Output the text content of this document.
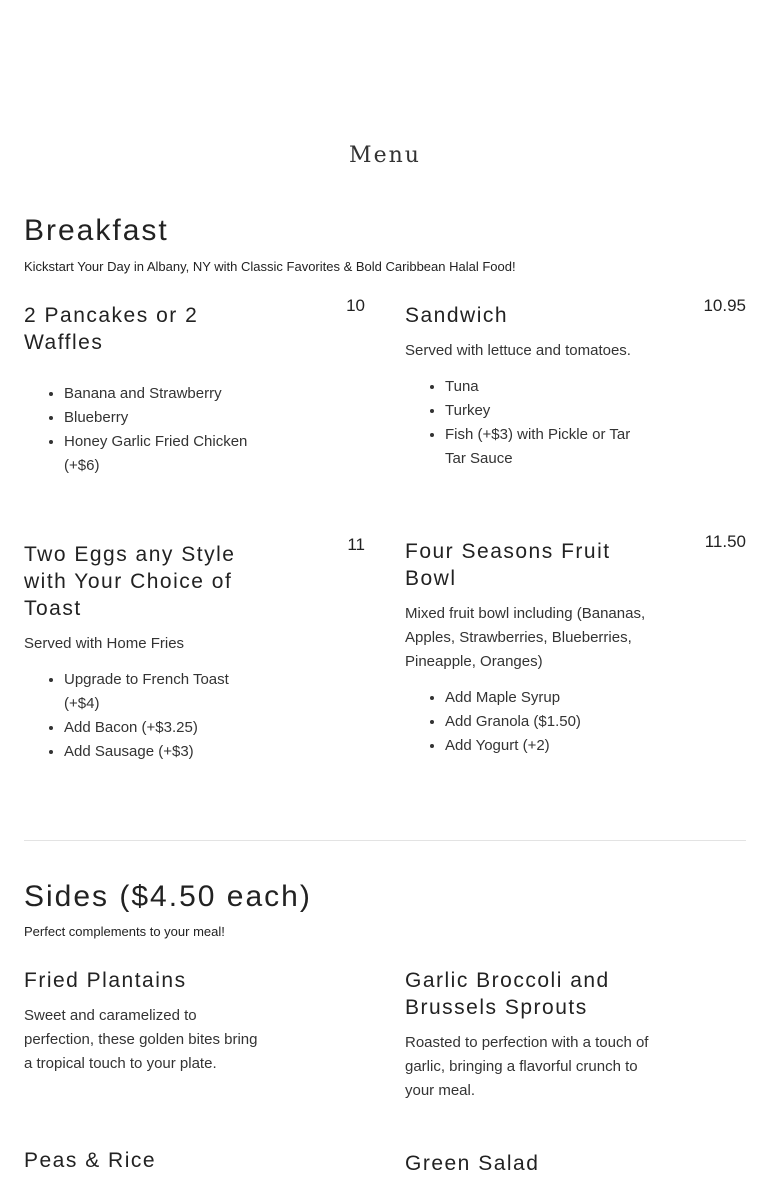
Menu
Breakfast

Kickstart Your Day in Albany, NY with Classic Favorites & Bold Caribbean Halal Food!

2 Pancakes or 2 Waffles
10
• Banana and Strawberry
• Blueberry
• Honey Garlic Fried Chicken (+$6)
Sandwich	10.95

Served with lettuce and tomatoes.

• Tuna
• Turkey
• Fish (+$3) with Pickle or Tar Tar Sauce
Two Eggs any Style with Your Choice of Toast
11

Served with Home Fries

• Upgrade to French Toast (+$4)
• Add Bacon (+$3.25)
• Add Sausage (+$3)
Four Seasons Fruit Bowl
11.50

Mixed fruit bowl including (Bananas, Apples, Strawberries, Blueberries, Pineapple, Oranges)

• Add Maple Syrup
• Add Granola ($1.50)
• Add Yogurt (+2)
Sides ($4.50 each)

Perfect complements to your meal!

Fried Plantains

Sweet and caramelized to perfection, these golden bites bring a tropical touch to your plate.

Garlic Broccoli and Brussels Sprouts

Roasted to perfection with a touch of garlic, bringing a flavorful crunch to your meal.

Peas & Rice	Green Salad
